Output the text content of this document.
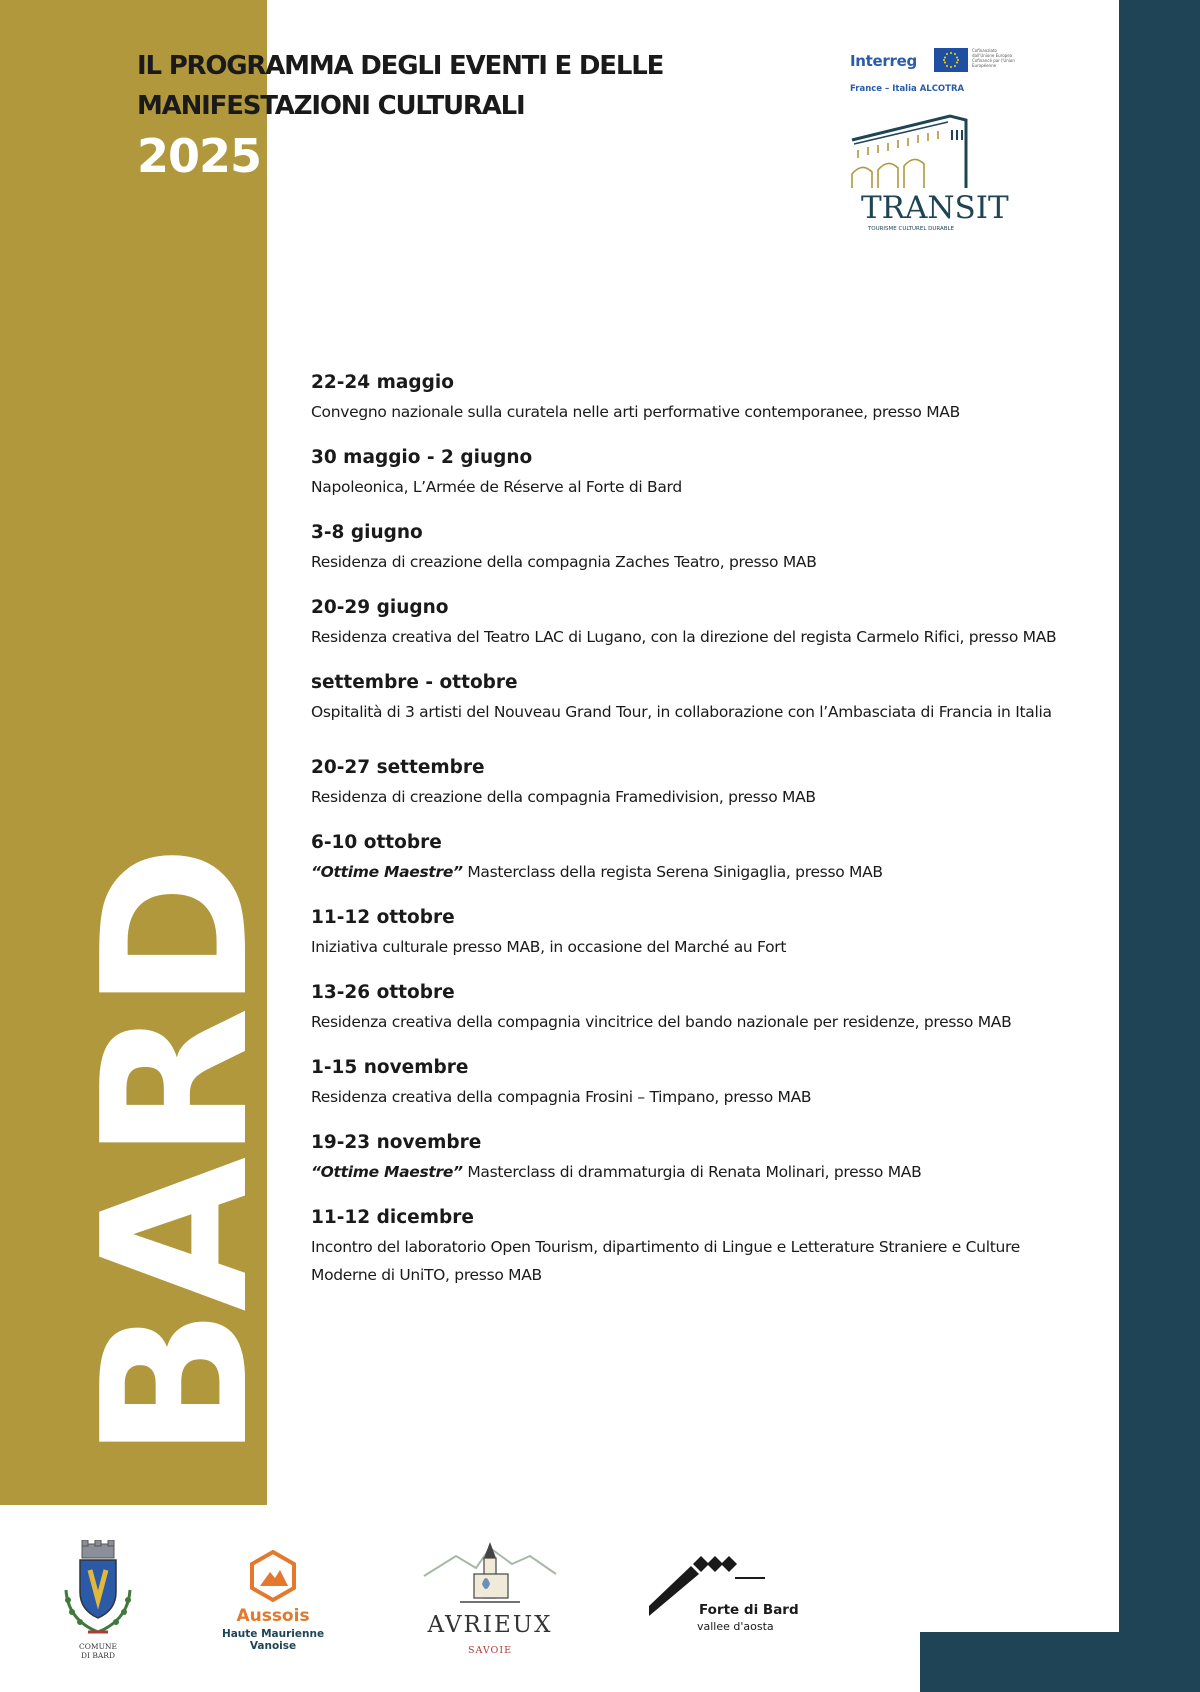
IL PROGRAMMA DEGLI EVENTI E DELLE
MANIFESTAZIONI CULTURALI
2025
BARD
Interreg
Cofinanziato
dall'Unione Europea
Cofinancé par l'Union Européenne
France – Italia ALCOTRA
TRANSIT
TOURISME CULTUREL DURABLE
22-24 maggio
Convegno nazionale sulla curatela nelle arti performative contemporanee, presso MAB
30 maggio - 2 giugno
Napoleonica, L’Armée de Réserve al Forte di Bard
3-8 giugno
Residenza di creazione della compagnia Zaches Teatro, presso MAB
20-29 giugno
Residenza creativa del Teatro LAC di Lugano, con la direzione del regista Carmelo Rifici, presso MAB
settembre - ottobre
Ospitalità di 3 artisti del Nouveau Grand Tour, in collaborazione con l’Ambasciata di Francia in Italia
20-27 settembre
Residenza di creazione della compagnia Framedivision, presso MAB
6-10 ottobre
“Ottime Maestre” Masterclass della regista Serena Sinigaglia, presso MAB
11-12 ottobre
Iniziativa culturale presso MAB, in occasione del Marché au Fort
13-26 ottobre
Residenza creativa della compagnia vincitrice del bando nazionale per residenze, presso MAB
1-15 novembre
Residenza creativa della compagnia Frosini – Timpano, presso MAB
19-23 novembre
“Ottime Maestre” Masterclass di drammaturgia di Renata Molinari, presso MAB
11-12 dicembre
Incontro del laboratorio Open Tourism, dipartimento di Lingue e Letterature Straniere e Culture Moderne di UniTO, presso MAB
COMUNE
DI BARD
Aussois
Haute Maurienne
Vanoise
AVRIEUX
SAVOIE
Forte di Bard
vallee d'aosta
